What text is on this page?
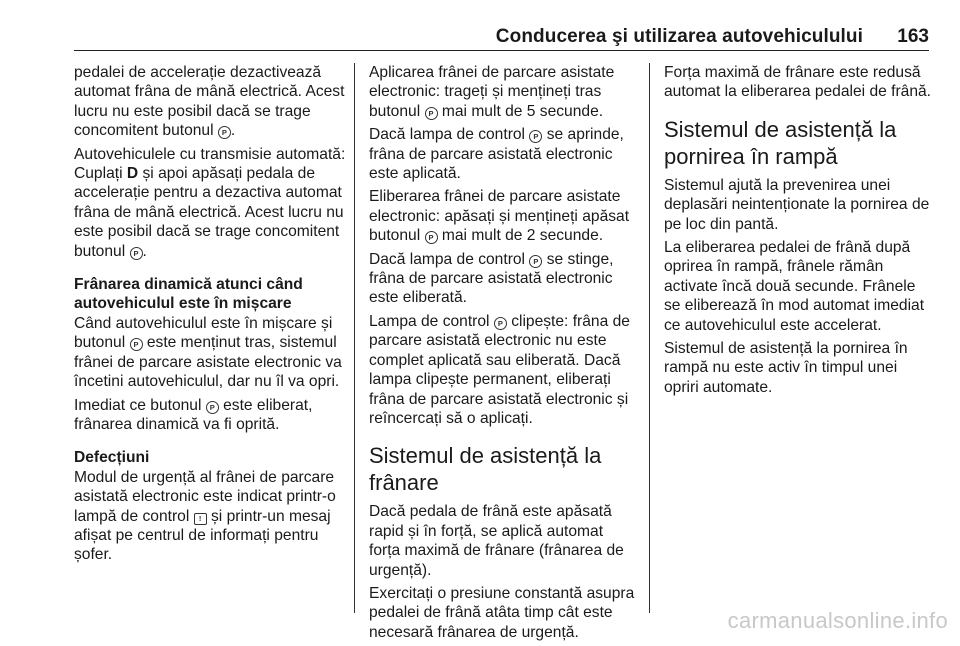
Conducerea şi utilizarea autovehiculului 163

pedalei de accelerație dezactivează automat frâna de mână electrică. Acest lucru nu este posibil dacă se trage concomitent butonul P .

Autovehiculele cu transmisie automată: Cuplați D și apoi apăsați pedala de accelerație pentru a dezactiva automat frâna de mână electrică. Acest lucru nu este posibil dacă se trage concomitent butonul P .

Frânarea dinamică atunci când autovehiculul este în mișcare

Când autovehiculul este în mișcare și butonul P este menținut tras, sistemul frânei de parcare asistate electronic va încetini autovehiculul, dar nu îl va opri.

Imediat ce butonul P este eliberat, frânarea dinamică va fi oprită.

Defecțiuni

Modul de urgență al frânei de parcare asistată electronic este indicat printr-o lampă de control ! și printr-un mesaj afișat pe centrul de informați pentru șofer.

Aplicarea frânei de parcare asistate electronic: trageți și mențineți tras butonul P mai mult de 5 secunde.

Dacă lampa de control P se aprinde, frâna de parcare asistată electronic este aplicată.

Eliberarea frânei de parcare asistate electronic: apăsați și mențineți apăsat butonul P mai mult de 2 secunde.

Dacă lampa de control P se stinge, frâna de parcare asistată electronic este eliberată.

Lampa de control P clipește: frâna de parcare asistată electronic nu este complet aplicată sau eliberată. Dacă lampa clipește permanent, eliberați frâna de parcare asistată electronic și reîncercați să o aplicați.

Sistemul de asistență la frânare

Dacă pedala de frână este apăsată rapid și în forță, se aplică automat forța maximă de frânare (frânarea de urgență).

Exercitați o presiune constantă asupra pedalei de frână atâta timp cât este necesară frânarea de urgență.

Forța maximă de frânare este redusă automat la eliberarea pedalei de frână.

Sistemul de asistență la pornirea în rampă

Sistemul ajută la prevenirea unei deplasări neintenționate la pornirea de pe loc din pantă.

La eliberarea pedalei de frână după oprirea în rampă, frânele rămân activate încă două secunde. Frânele se eliberează în mod automat imediat ce autovehiculul este accelerat.

Sistemul de asistență la pornirea în rampă nu este activ în timpul unei opriri automate.

carmanualsonline.info
